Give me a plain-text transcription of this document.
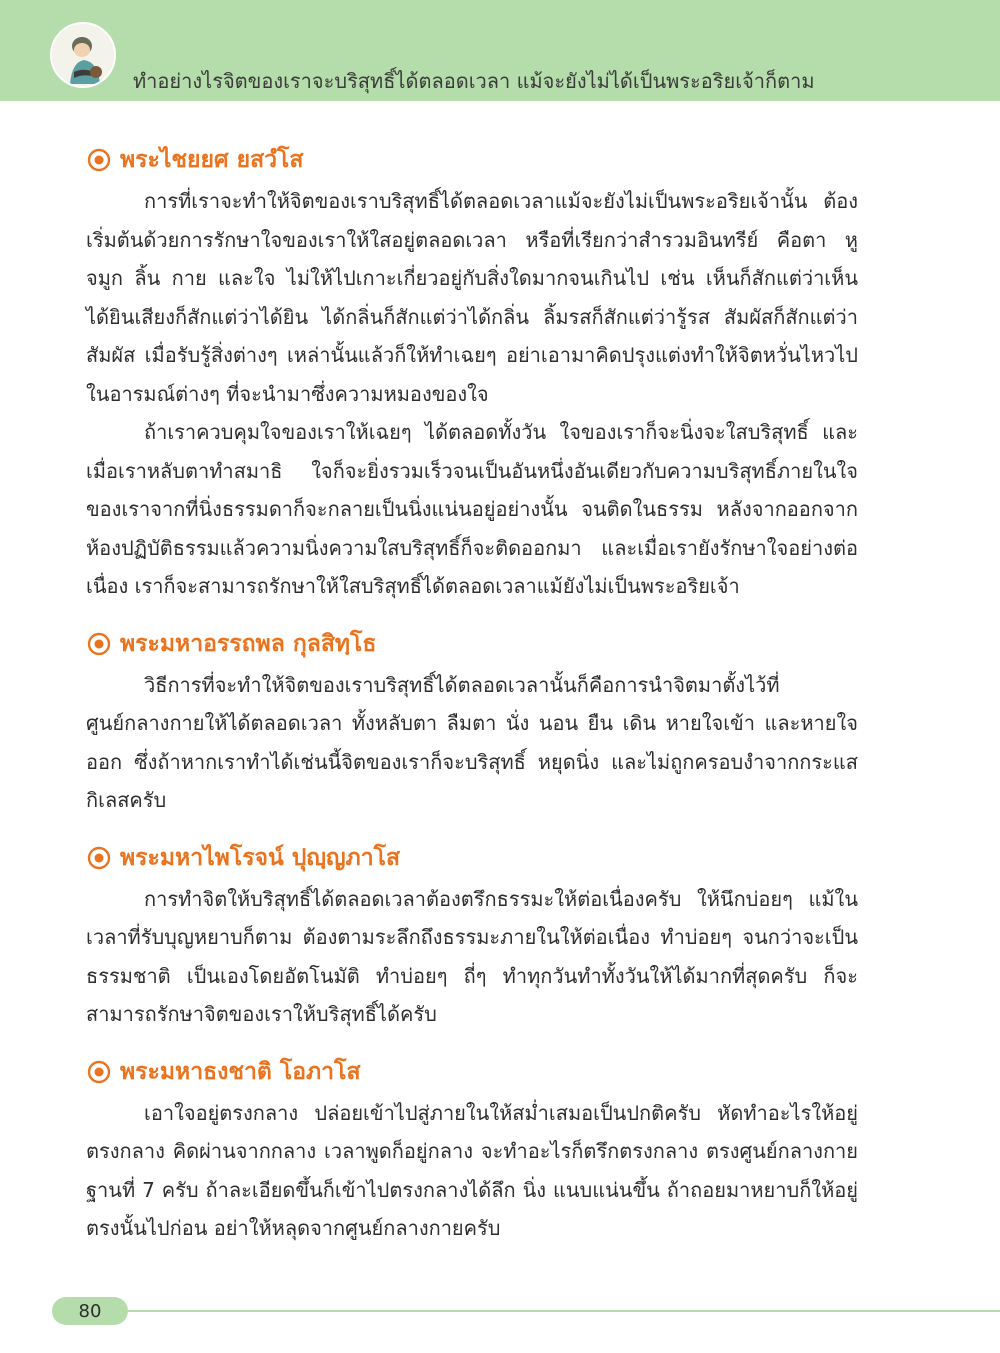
ทำอย่างไรจิตของเราจะบริสุทธิ์ได้ตลอดเวลา แม้จะยังไม่ได้เป็นพระอริยเจ้าก็ตาม
พระไชยยศ ยสวํโส

การที่เราจะทำให้จิตของเราบริสุทธิ์ได้ตลอดเวลาแม้จะยังไม่เป็นพระอริยเจ้านั้น ต้องเริ่มต้นด้วยการรักษาใจของเราให้ใสอยู่ตลอดเวลา หรือที่เรียกว่าสำรวมอินทรีย์ คือตา หู จมูก ลิ้น กาย และใจ ไม่ให้ไปเกาะเกี่ยวอยู่กับสิ่งใดมากจนเกินไป เช่น เห็นก็สักแต่ว่าเห็น ได้ยินเสียงก็สักแต่ว่าได้ยิน ได้กลิ่นก็สักแต่ว่าได้กลิ่น ลิ้มรสก็สักแต่ว่ารู้รส สัมผัสก็สักแต่ว่าสัมผัส เมื่อรับรู้สิ่งต่างๆ เหล่านั้นแล้วก็ให้ทำเฉยๆ อย่าเอามาคิดปรุงแต่งทำให้จิตหวั่นไหวไปในอารมณ์ต่างๆ ที่จะนำมาซึ่งความหมองของใจ

ถ้าเราควบคุมใจของเราให้เฉยๆ ได้ตลอดทั้งวัน ใจของเราก็จะนิ่งจะใสบริสุทธิ์ และเมื่อเราหลับตาทำสมาธิ ใจก็จะยิ่งรวมเร็วจนเป็นอันหนึ่งอันเดียวกับความบริสุทธิ์ภายในใจของเราจากที่นิ่งธรรมดาก็จะกลายเป็นนิ่งแน่นอยู่อย่างนั้น จนติดในธรรม หลังจากออกจากห้องปฏิบัติธรรมแล้วความนิ่งความใสบริสุทธิ์ก็จะติดออกมา และเมื่อเรายังรักษาใจอย่างต่อเนื่อง เราก็จะสามารถรักษาให้ใสบริสุทธิ์ได้ตลอดเวลาแม้ยังไม่เป็นพระอริยเจ้า

พระมหาอรรถพล กุลสิทฺโธ

วิธีการที่จะทำให้จิตของเราบริสุทธิ์ได้ตลอดเวลานั้นก็คือการนำจิตมาตั้งไว้ที่ศูนย์กลางกายให้ได้ตลอดเวลา ทั้งหลับตา ลืมตา นั่ง นอน ยืน เดิน หายใจเข้า และหายใจออก ซึ่งถ้าหากเราทำได้เช่นนี้จิตของเราก็จะบริสุทธิ์ หยุดนิ่ง และไม่ถูกครอบงำจากกระแสกิเลสครับ

พระมหาไพโรจน์ ปุญฺญภาโส

การทำจิตให้บริสุทธิ์ได้ตลอดเวลาต้องตรึกธรรมะให้ต่อเนื่องครับ ให้นึกบ่อยๆ แม้ในเวลาที่รับบุญหยาบก็ตาม ต้องตามระลึกถึงธรรมะภายในให้ต่อเนื่อง ทำบ่อยๆ จนกว่าจะเป็นธรรมชาติ เป็นเองโดยอัตโนมัติ ทำบ่อยๆ ถี่ๆ ทำทุกวันทำทั้งวันให้ได้มากที่สุดครับ ก็จะสามารถรักษาจิตของเราให้บริสุทธิ์ได้ครับ

พระมหาธงชาติ โอภาโส

เอาใจอยู่ตรงกลาง ปล่อยเข้าไปสู่ภายในให้สม่ำเสมอเป็นปกติครับ หัดทำอะไรให้อยู่ตรงกลาง คิดผ่านจากกลาง เวลาพูดก็อยู่กลาง จะทำอะไรก็ตรึกตรงกลาง ตรงศูนย์กลางกายฐานที่ 7 ครับ ถ้าละเอียดขึ้นก็เข้าไปตรงกลางได้ลึก นิ่ง แนบแน่นขึ้น ถ้าถอยมาหยาบก็ให้อยู่ตรงนั้นไปก่อน อย่าให้หลุดจากศูนย์กลางกายครับ

80
